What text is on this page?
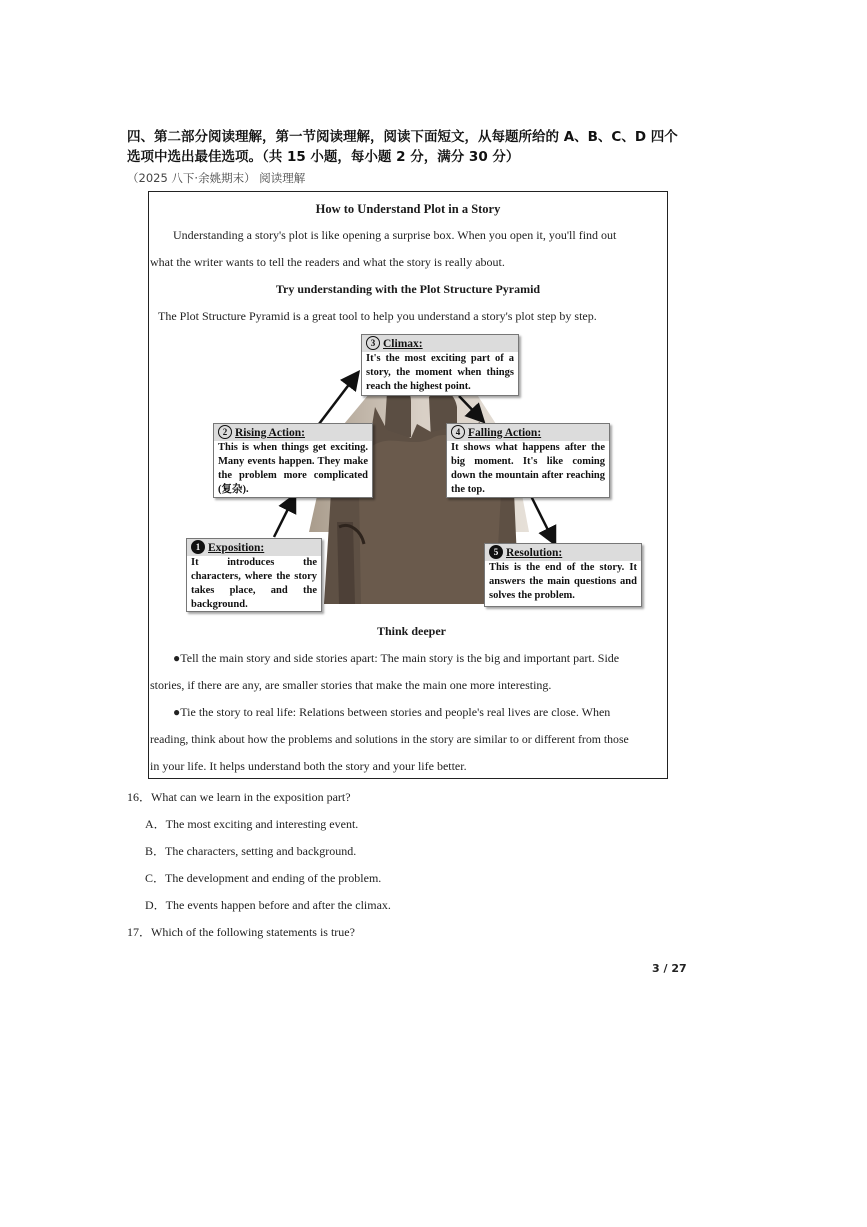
四、第二部分阅读理解，第一节阅读理解，阅读下面短文，从每题所给的 A、B、C、D 四个
选项中选出最佳选项。（共 15 小题，每小题 2 分，满分 30 分）
（2025 八下·余姚期末） 阅读理解
How to Understand Plot in a Story
Understanding a story's plot is like opening a surprise box. When you open it, you'll find out
what the writer wants to tell the readers and what the story is really about.
Try understanding with the Plot Structure Pyramid
The Plot Structure Pyramid is a great tool to help you understand a story's plot step by step.
3 Climax:
It's the most exciting part of a story, the moment when things reach the highest point.
2 Rising Action:
This is when things get exciting. Many events happen. They make the problem more complicated (复杂).
4 Falling Action:
It shows what happens after the big moment. It's like coming down the mountain after reaching the top.
1 Exposition:
It introduces the characters, where the story takes place, and the background.
5 Resolution:
This is the end of the story. It answers the main questions and solves the problem.
Think deeper
●Tell the main story and side stories apart: The main story is the big and important part. Side
stories, if there are any, are smaller stories that make the main one more interesting.
●Tie the story to real life: Relations between stories and people's real lives are close. When
reading, think about how the problems and solutions in the story are similar to or different from those
in your life. It helps understand both the story and your life better.
16．What can we learn in the exposition part?
A．The most exciting and interesting event.
B．The characters, setting and background.
C．The development and ending of the problem.
D．The events happen before and after the climax.
17．Which of the following statements is true?
3 / 27
